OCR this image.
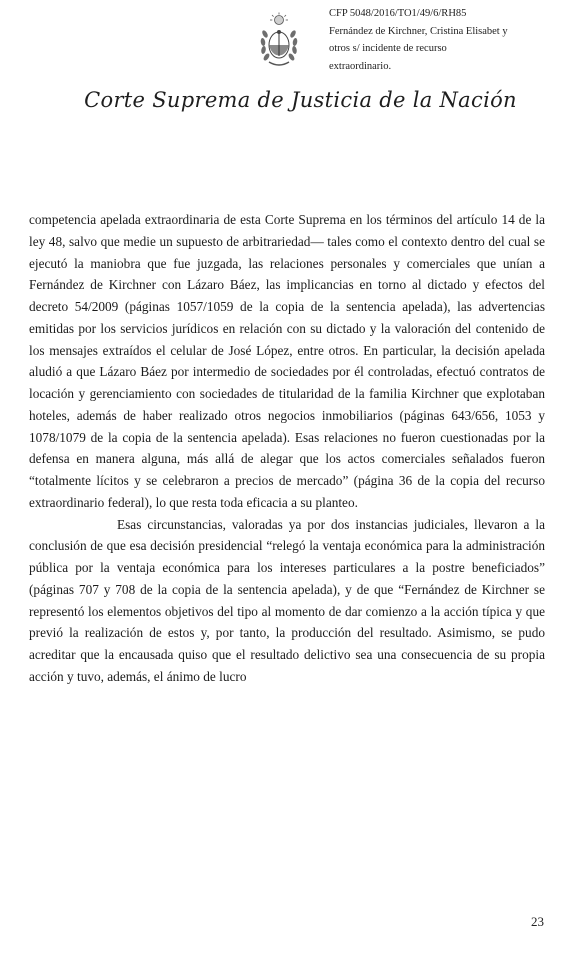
CFP 5048/2016/TO1/49/6/RH85
Fernández de Kirchner, Cristina Elisabet y
otros s/ incidente de recurso
extraordinario.
Corte Suprema de Justicia de la Nación

competencia apelada extraordinaria de esta Corte Suprema en los términos del artículo 14 de la ley 48, salvo que medie un supuesto de arbitrariedad— tales como el contexto dentro del cual se ejecutó la maniobra que fue juzgada, las relaciones personales y comerciales que unían a Fernández de Kirchner con Lázaro Báez, las implicancias en torno al dictado y efectos del decreto 54/2009 (páginas 1057/1059 de la copia de la sentencia apelada), las advertencias emitidas por los servicios jurídicos en relación con su dictado y la valoración del contenido de los mensajes extraídos el celular de José López, entre otros. En particular, la decisión apelada aludió a que Lázaro Báez por intermedio de sociedades por él controladas, efectuó contratos de locación y gerenciamiento con sociedades de titularidad de la familia Kirchner que explotaban hoteles, además de haber realizado otros negocios inmobiliarios (páginas 643/656, 1053 y 1078/1079 de la copia de la sentencia apelada). Esas relaciones no fueron cuestionadas por la defensa en manera alguna, más allá de alegar que los actos comerciales señalados fueron “totalmente lícitos y se celebraron a precios de mercado” (página 36 de la copia del recurso extraordinario federal), lo que resta toda eficacia a su planteo.

Esas circunstancias, valoradas ya por dos instancias judiciales, llevaron a la conclusión de que esa decisión presidencial “relegó la ventaja económica para la administración pública por la ventaja económica para los intereses particulares a la postre beneficiados” (páginas 707 y 708 de la copia de la sentencia apelada), y de que “Fernández de Kirchner se representó los elementos objetivos del tipo al momento de dar comienzo a la acción típica y que previó la realización de estos y, por tanto, la producción del resultado. Asimismo, se pudo acreditar que la encausada quiso que el resultado delictivo sea una consecuencia de su propia acción y tuvo, además, el ánimo de lucro

23
